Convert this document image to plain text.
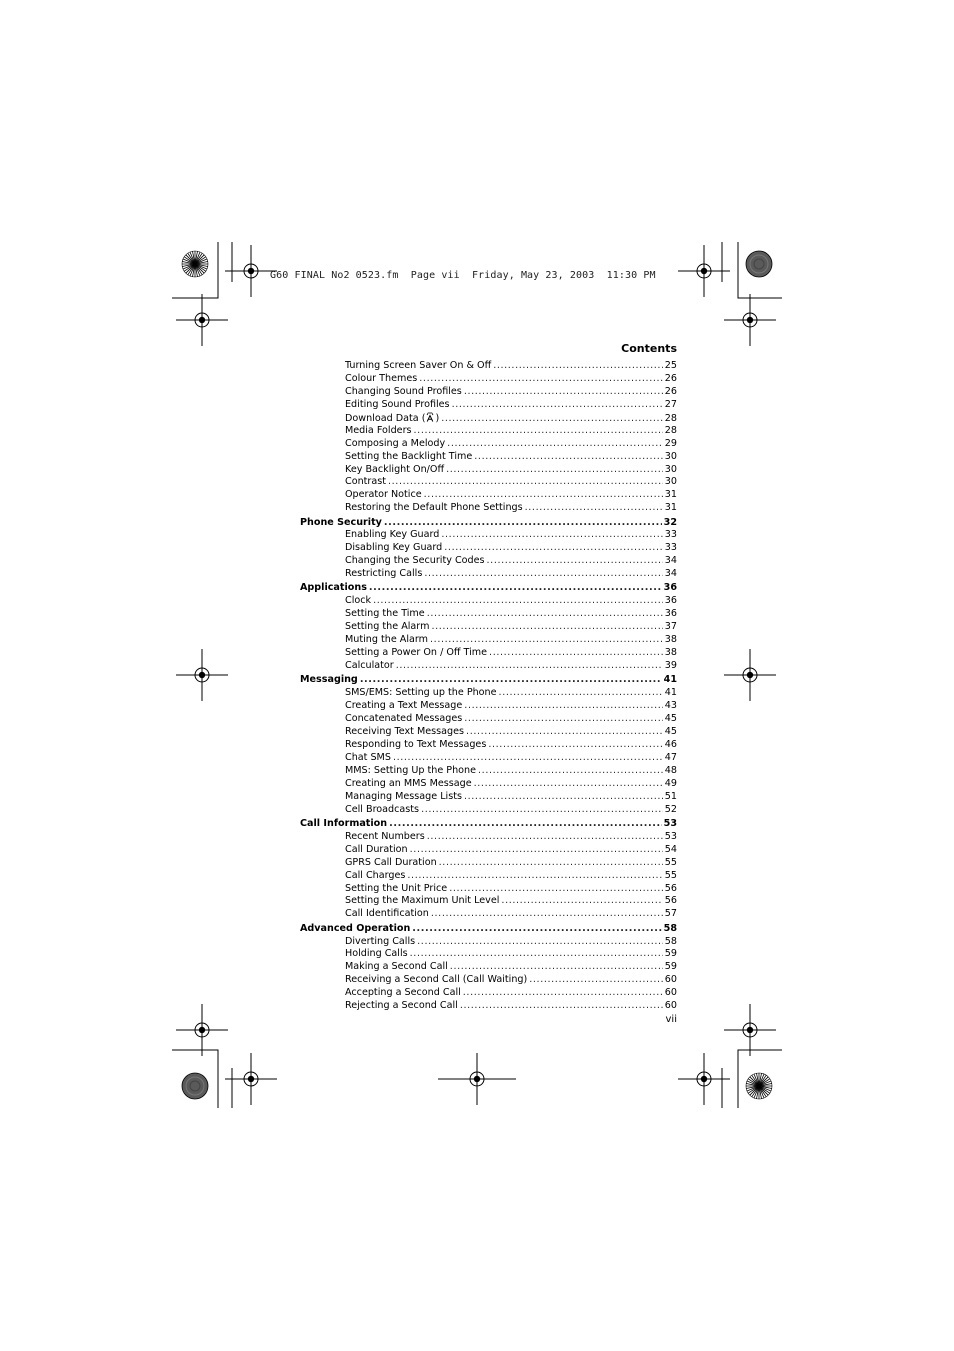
G60 FINAL No2 0523.fm  Page vii  Friday, May 23, 2003  11:30 PM
Contents
Turning Screen Saver On & Off .....	25
Colour Themes .....	26
Changing Sound Profiles .....	26
Editing Sound Profiles .....	27
Download Data ( ) .....	28
Media Folders .....	28
Composing a Melody .....	29
Setting the Backlight Time .....	30
Key Backlight On/Off .....	30
Contrast .....	30
Operator Notice .....	31
Restoring the Default Phone Settings .....	31
Phone Security .....	32
Enabling Key Guard .....	33
Disabling Key Guard .....	33
Changing the Security Codes .....	34
Restricting Calls .....	34
Applications .....	36
Clock .....	36
Setting the Time .....	36
Setting the Alarm .....	37
Muting the Alarm .....	38
Setting a Power On / Off Time .....	38
Calculator .....	39
Messaging .....	41
SMS/EMS: Setting up the Phone .....	41
Creating a Text Message .....	43
Concatenated Messages .....	45
Receiving Text Messages .....	45
Responding to Text Messages .....	46
Chat SMS .....	47
MMS: Setting Up the Phone .....	48
Creating an MMS Message .....	49
Managing Message Lists .....	51
Cell Broadcasts .....	52
Call Information .....	53
Recent Numbers .....	53
Call Duration .....	54
GPRS Call Duration .....	55
Call Charges .....	55
Setting the Unit Price .....	56
Setting the Maximum Unit Level .....	56
Call Identification .....	57
Advanced Operation .....	58
Diverting Calls .....	58
Holding Calls .....	59
Making a Second Call .....	59
Receiving a Second Call (Call Waiting) .....	60
Accepting a Second Call .....	60
Rejecting a Second Call .....	60
vii
